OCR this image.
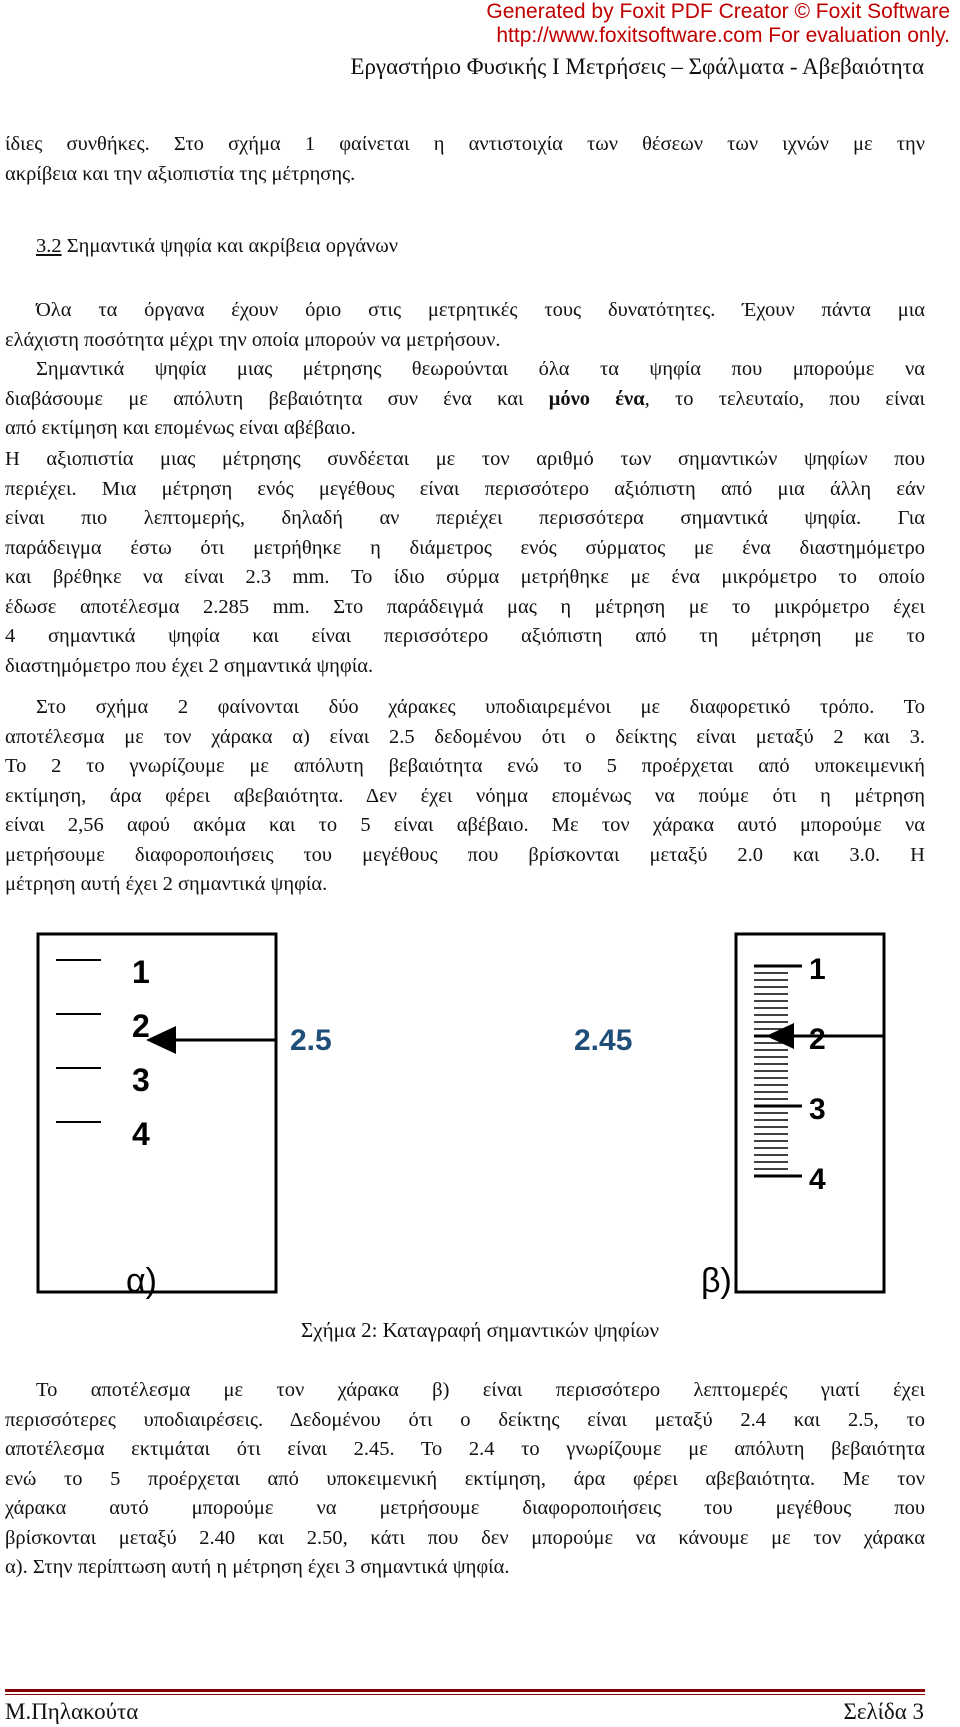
Generated by Foxit PDF Creator © Foxit Software
http://www.foxitsoftware.com For evaluation only.
Εργαστήριο Φυσικής Ι Μετρήσεις – Σφάλματα - Αβεβαιότητα
ίδιες συνθήκες. Στο σχήμα 1 φαίνεται η αντιστοιχία των θέσεων των ιχνών με την
ακρίβεια και την αξιοπιστία της μέτρησης.
3.2 Σημαντικά ψηφία και ακρίβεια οργάνων
Όλα τα όργανα έχουν όριο στις μετρητικές τους δυνατότητες. Έχουν πάντα μια
ελάχιστη ποσότητα μέχρι την οποία μπορούν να μετρήσουν.
Σημαντικά ψηφία μιας μέτρησης θεωρούνται όλα τα ψηφία που μπορούμε να
διαβάσουμε με απόλυτη βεβαιότητα συν ένα και μόνο ένα, το τελευταίο, που είναι
από εκτίμηση και επομένως είναι αβέβαιο.
Η αξιοπιστία μιας μέτρησης συνδέεται με τον αριθμό των σημαντικών ψηφίων που
περιέχει. Μια μέτρηση ενός μεγέθους είναι περισσότερο αξιόπιστη από μια άλλη εάν
είναι πιο λεπτομερής, δηλαδή αν περιέχει περισσότερα σημαντικά ψηφία. Για
παράδειγμα έστω ότι μετρήθηκε η διάμετρος ενός σύρματος με ένα διαστημόμετρο
και βρέθηκε να είναι 2.3 mm. Το ίδιο σύρμα μετρήθηκε με ένα μικρόμετρο το οποίο
έδωσε αποτέλεσμα 2.285 mm. Στο παράδειγμά μας η μέτρηση με το μικρόμετρο έχει
4 σημαντικά ψηφία και είναι περισσότερο αξιόπιστη από τη μέτρηση με το
διαστημόμετρο που έχει 2 σημαντικά ψηφία.
Στο σχήμα 2 φαίνονται δύο χάρακες υποδιαιρεμένοι με διαφορετικό τρόπο. Το
αποτέλεσμα με τον χάρακα α) είναι 2.5 δεδομένου ότι ο δείκτης είναι μεταξύ 2 και 3.
Το 2 το γνωρίζουμε με απόλυτη βεβαιότητα ενώ το 5 προέρχεται από υποκειμενική
εκτίμηση, άρα φέρει αβεβαιότητα. Δεν έχει νόημα επομένως να πούμε ότι η μέτρηση
είναι 2,56 αφού ακόμα και το 5 είναι αβέβαιο. Με τον χάρακα αυτό μπορούμε να
μετρήσουμε διαφοροποιήσεις του μεγέθους που βρίσκονται μεταξύ 2.0 και 3.0. Η
μέτρηση αυτή έχει 2 σημαντικά ψηφία.
1
2
3
4
2.5
α)
2.45
1
2
3
4
β)
Σχήμα 2: Καταγραφή σημαντικών ψηφίων
Το αποτέλεσμα με τον χάρακα β) είναι περισσότερο λεπτομερές γιατί έχει
περισσότερες υποδιαιρέσεις. Δεδομένου ότι ο δείκτης είναι μεταξύ 2.4 και 2.5, το
αποτέλεσμα εκτιμάται ότι είναι 2.45. Το 2.4 το γνωρίζουμε με απόλυτη βεβαιότητα
ενώ το 5 προέρχεται από υποκειμενική εκτίμηση, άρα φέρει αβεβαιότητα. Με τον
χάρακα αυτό μπορούμε να μετρήσουμε διαφοροποιήσεις του μεγέθους που
βρίσκονται μεταξύ 2.40 και 2.50, κάτι που δεν μπορούμε να κάνουμε με τον χάρακα
α). Στην περίπτωση αυτή η μέτρηση έχει 3 σημαντικά ψηφία.
Μ.Πηλακούτα	Σελίδα 3
